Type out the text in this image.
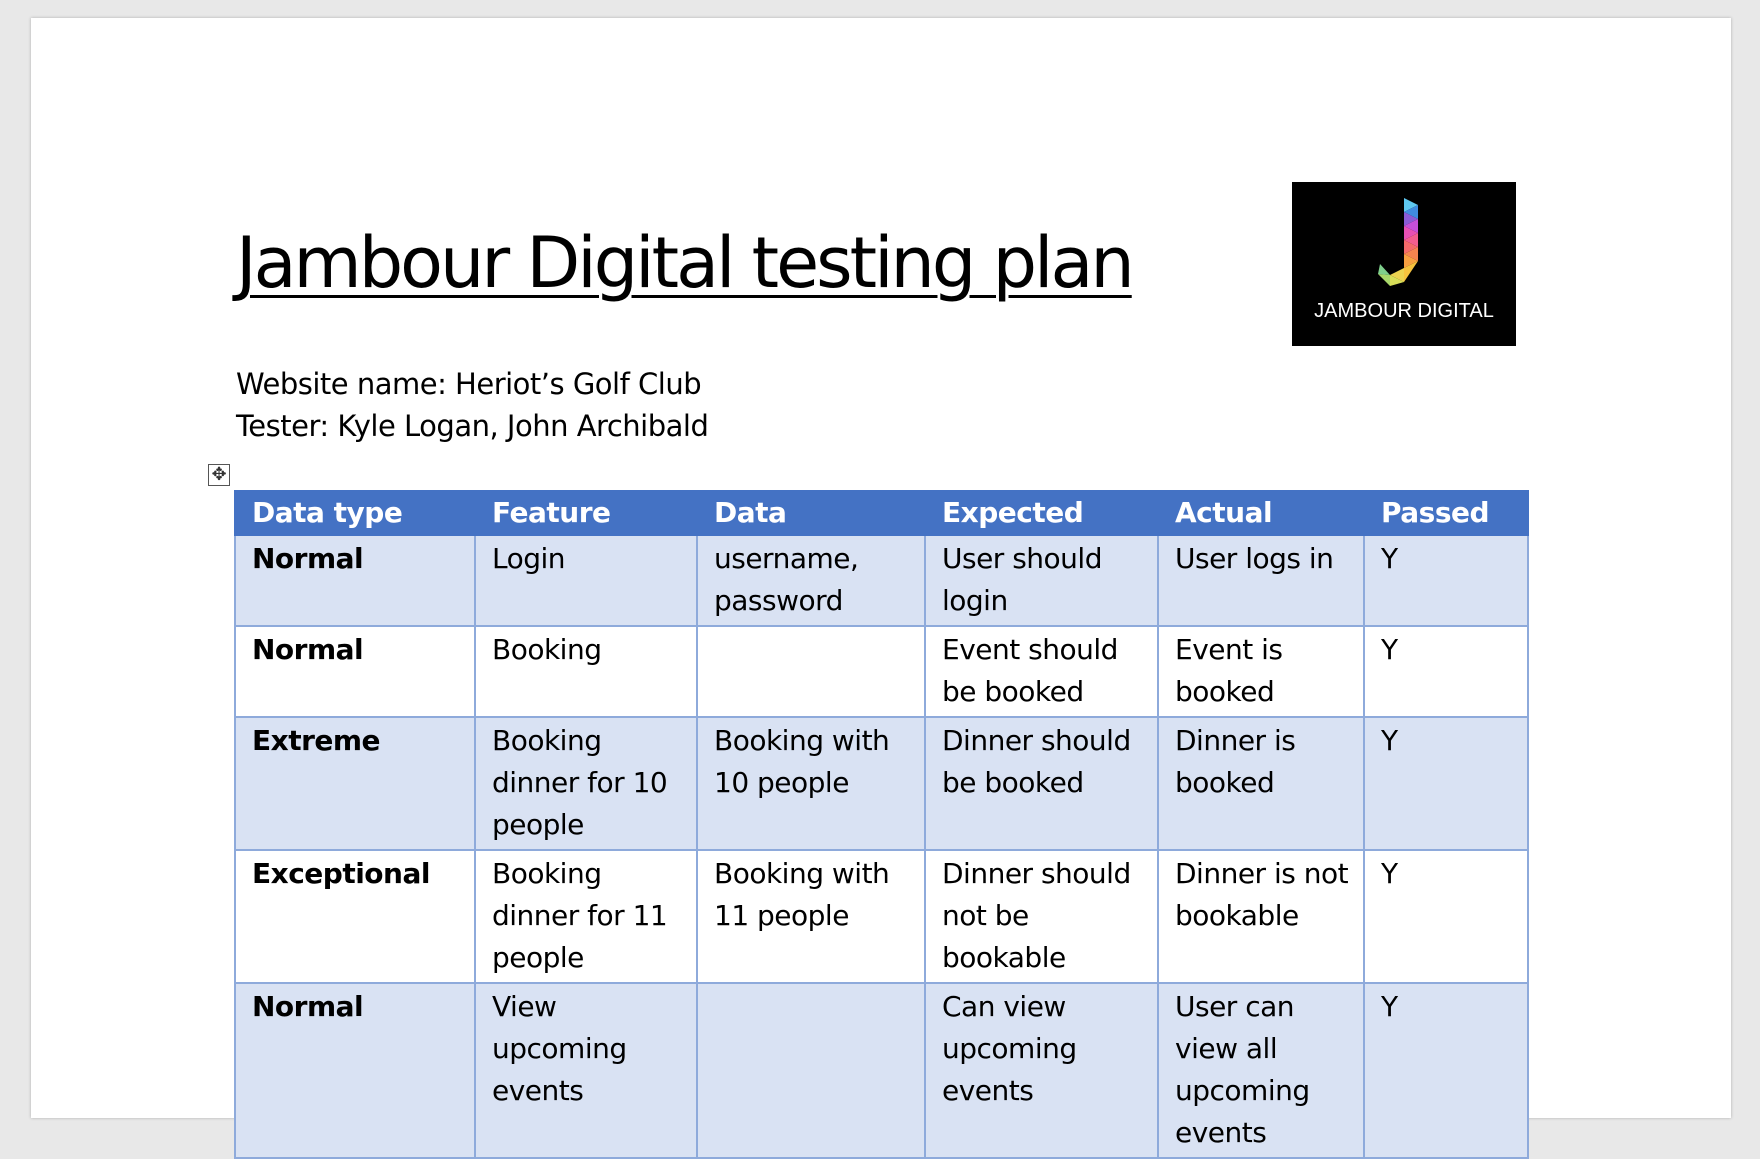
Jambour Digital testing plan
JAMBOUR DIGITAL
Website name: Heriot’s Golf Club
Tester: Kyle Logan, John Archibald
✥
Data type	Feature	Data	Expected	Actual	Passed
Normal	Login	username, password	User should login	User logs in	Y
Normal	Booking		Event should be booked	Event is booked	Y
Extreme	Booking dinner for 10 people	Booking with 10 people	Dinner should be booked	Dinner is booked	Y
Exceptional	Booking dinner for 11 people	Booking with 11 people	Dinner should not be bookable	Dinner is not bookable	Y
Normal	View upcoming events		Can view upcoming events	User can view all upcoming events	Y
